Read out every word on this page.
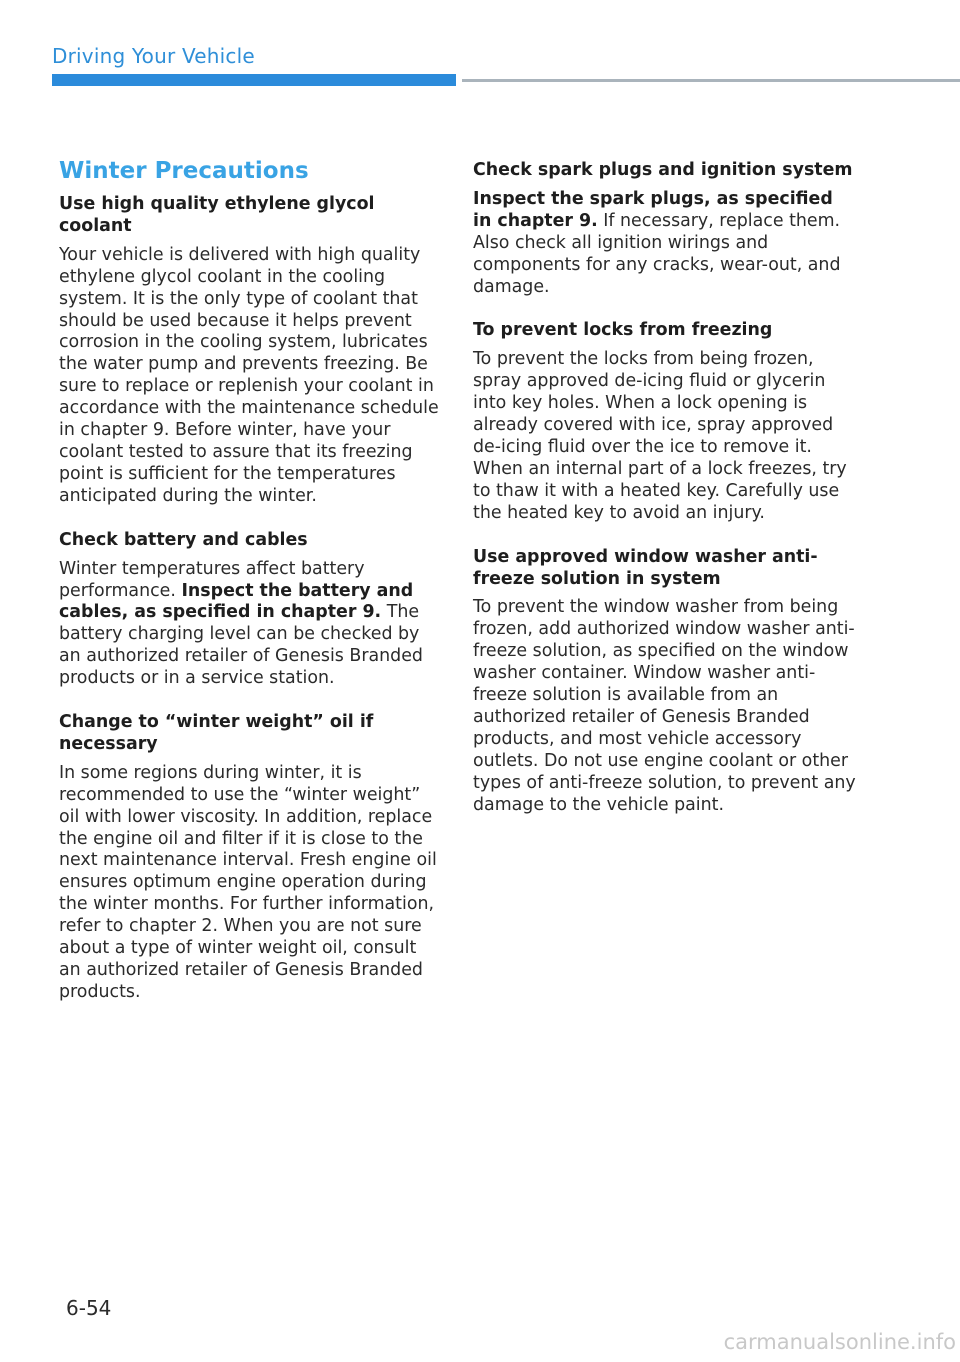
Driving Your Vehicle
Winter Precautions
Use high quality ethylene glycol coolant

Your vehicle is delivered with high quality ethylene glycol coolant in the cooling system. It is the only type of coolant that should be used because it helps prevent corrosion in the cooling system, lubricates the water pump and prevents freezing. Be sure to replace or replenish your coolant in accordance with the maintenance schedule in chapter 9. Before winter, have your coolant tested to assure that its freezing point is sufficient for the temperatures anticipated during the winter.

Check battery and cables

Winter temperatures affect battery performance. Inspect the battery and cables, as specified in chapter 9. The battery charging level can be checked by an authorized retailer of Genesis Branded products or in a service station.

Change to “winter weight” oil if necessary

In some regions during winter, it is recommended to use the “winter weight” oil with lower viscosity. In addition, replace the engine oil and filter if it is close to the next maintenance interval. Fresh engine oil ensures optimum engine operation during the winter months. For further information, refer to chapter 2. When you are not sure about a type of winter weight oil, consult an authorized retailer of Genesis Branded products.

Check spark plugs and ignition system

Inspect the spark plugs, as specified in chapter 9. If necessary, replace them. Also check all ignition wirings and components for any cracks, wear-out, and damage.

To prevent locks from freezing

To prevent the locks from being frozen, spray approved de-icing fluid or glycerin into key holes. When a lock opening is already covered with ice, spray approved de-icing fluid over the ice to remove it. When an internal part of a lock freezes, try to thaw it with a heated key. Carefully use the heated key to avoid an injury.

Use approved window washer anti-freeze solution in system

To prevent the window washer from being frozen, add authorized window washer anti-freeze solution, as specified on the window washer container. Window washer anti-freeze solution is available from an authorized retailer of Genesis Branded products, and most vehicle accessory outlets. Do not use engine coolant or other types of anti-freeze solution, to prevent any damage to the vehicle paint.

6-54
carmanualsonline.info
